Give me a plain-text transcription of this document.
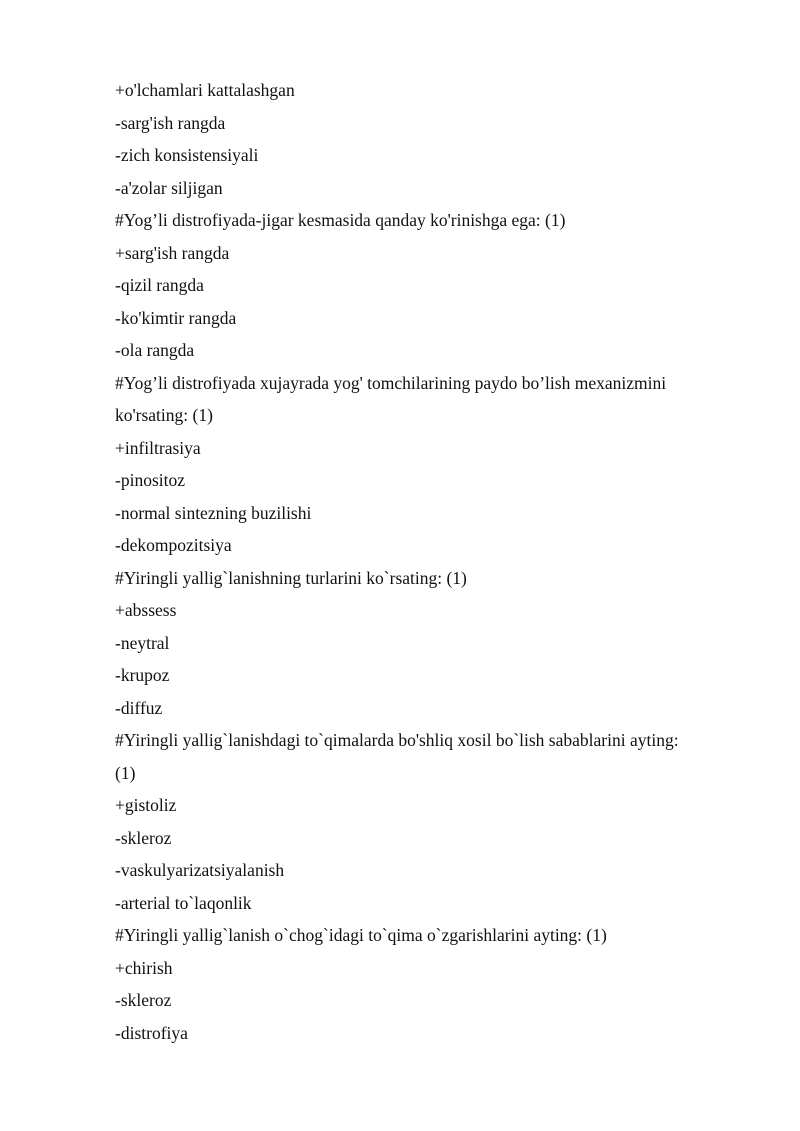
+o'lchamlari kattalashgan
-sarg'ish rangda
-zich konsistensiyali
-a'zolar siljigan
#Yog’li distrofiyada-jigar kesmasida qanday ko'rinishga ega: (1)
+sarg'ish rangda
-qizil rangda
-ko'kimtir rangda
-ola rangda
#Yog’li distrofiyada xujayrada yog' tomchilarining paydo bo’lish mexanizmini
ko'rsating: (1)
+infiltrasiya
-pinositoz
-normal sintezning buzilishi
-dekompozitsiya
#Yiringli yallig`lanishning turlarini ko`rsating: (1)
+abssess
-neytral
-krupoz
-diffuz
#Yiringli yallig`lanishdagi to`qimalarda bo'shliq xosil bo`lish sabablarini ayting:
(1)
+gistoliz
-skleroz
-vaskulyarizatsiyalanish
-arterial to`laqonlik
#Yiringli yallig`lanish o`chog`idagi to`qima o`zgarishlarini ayting: (1)
+chirish
-skleroz
-distrofiya
